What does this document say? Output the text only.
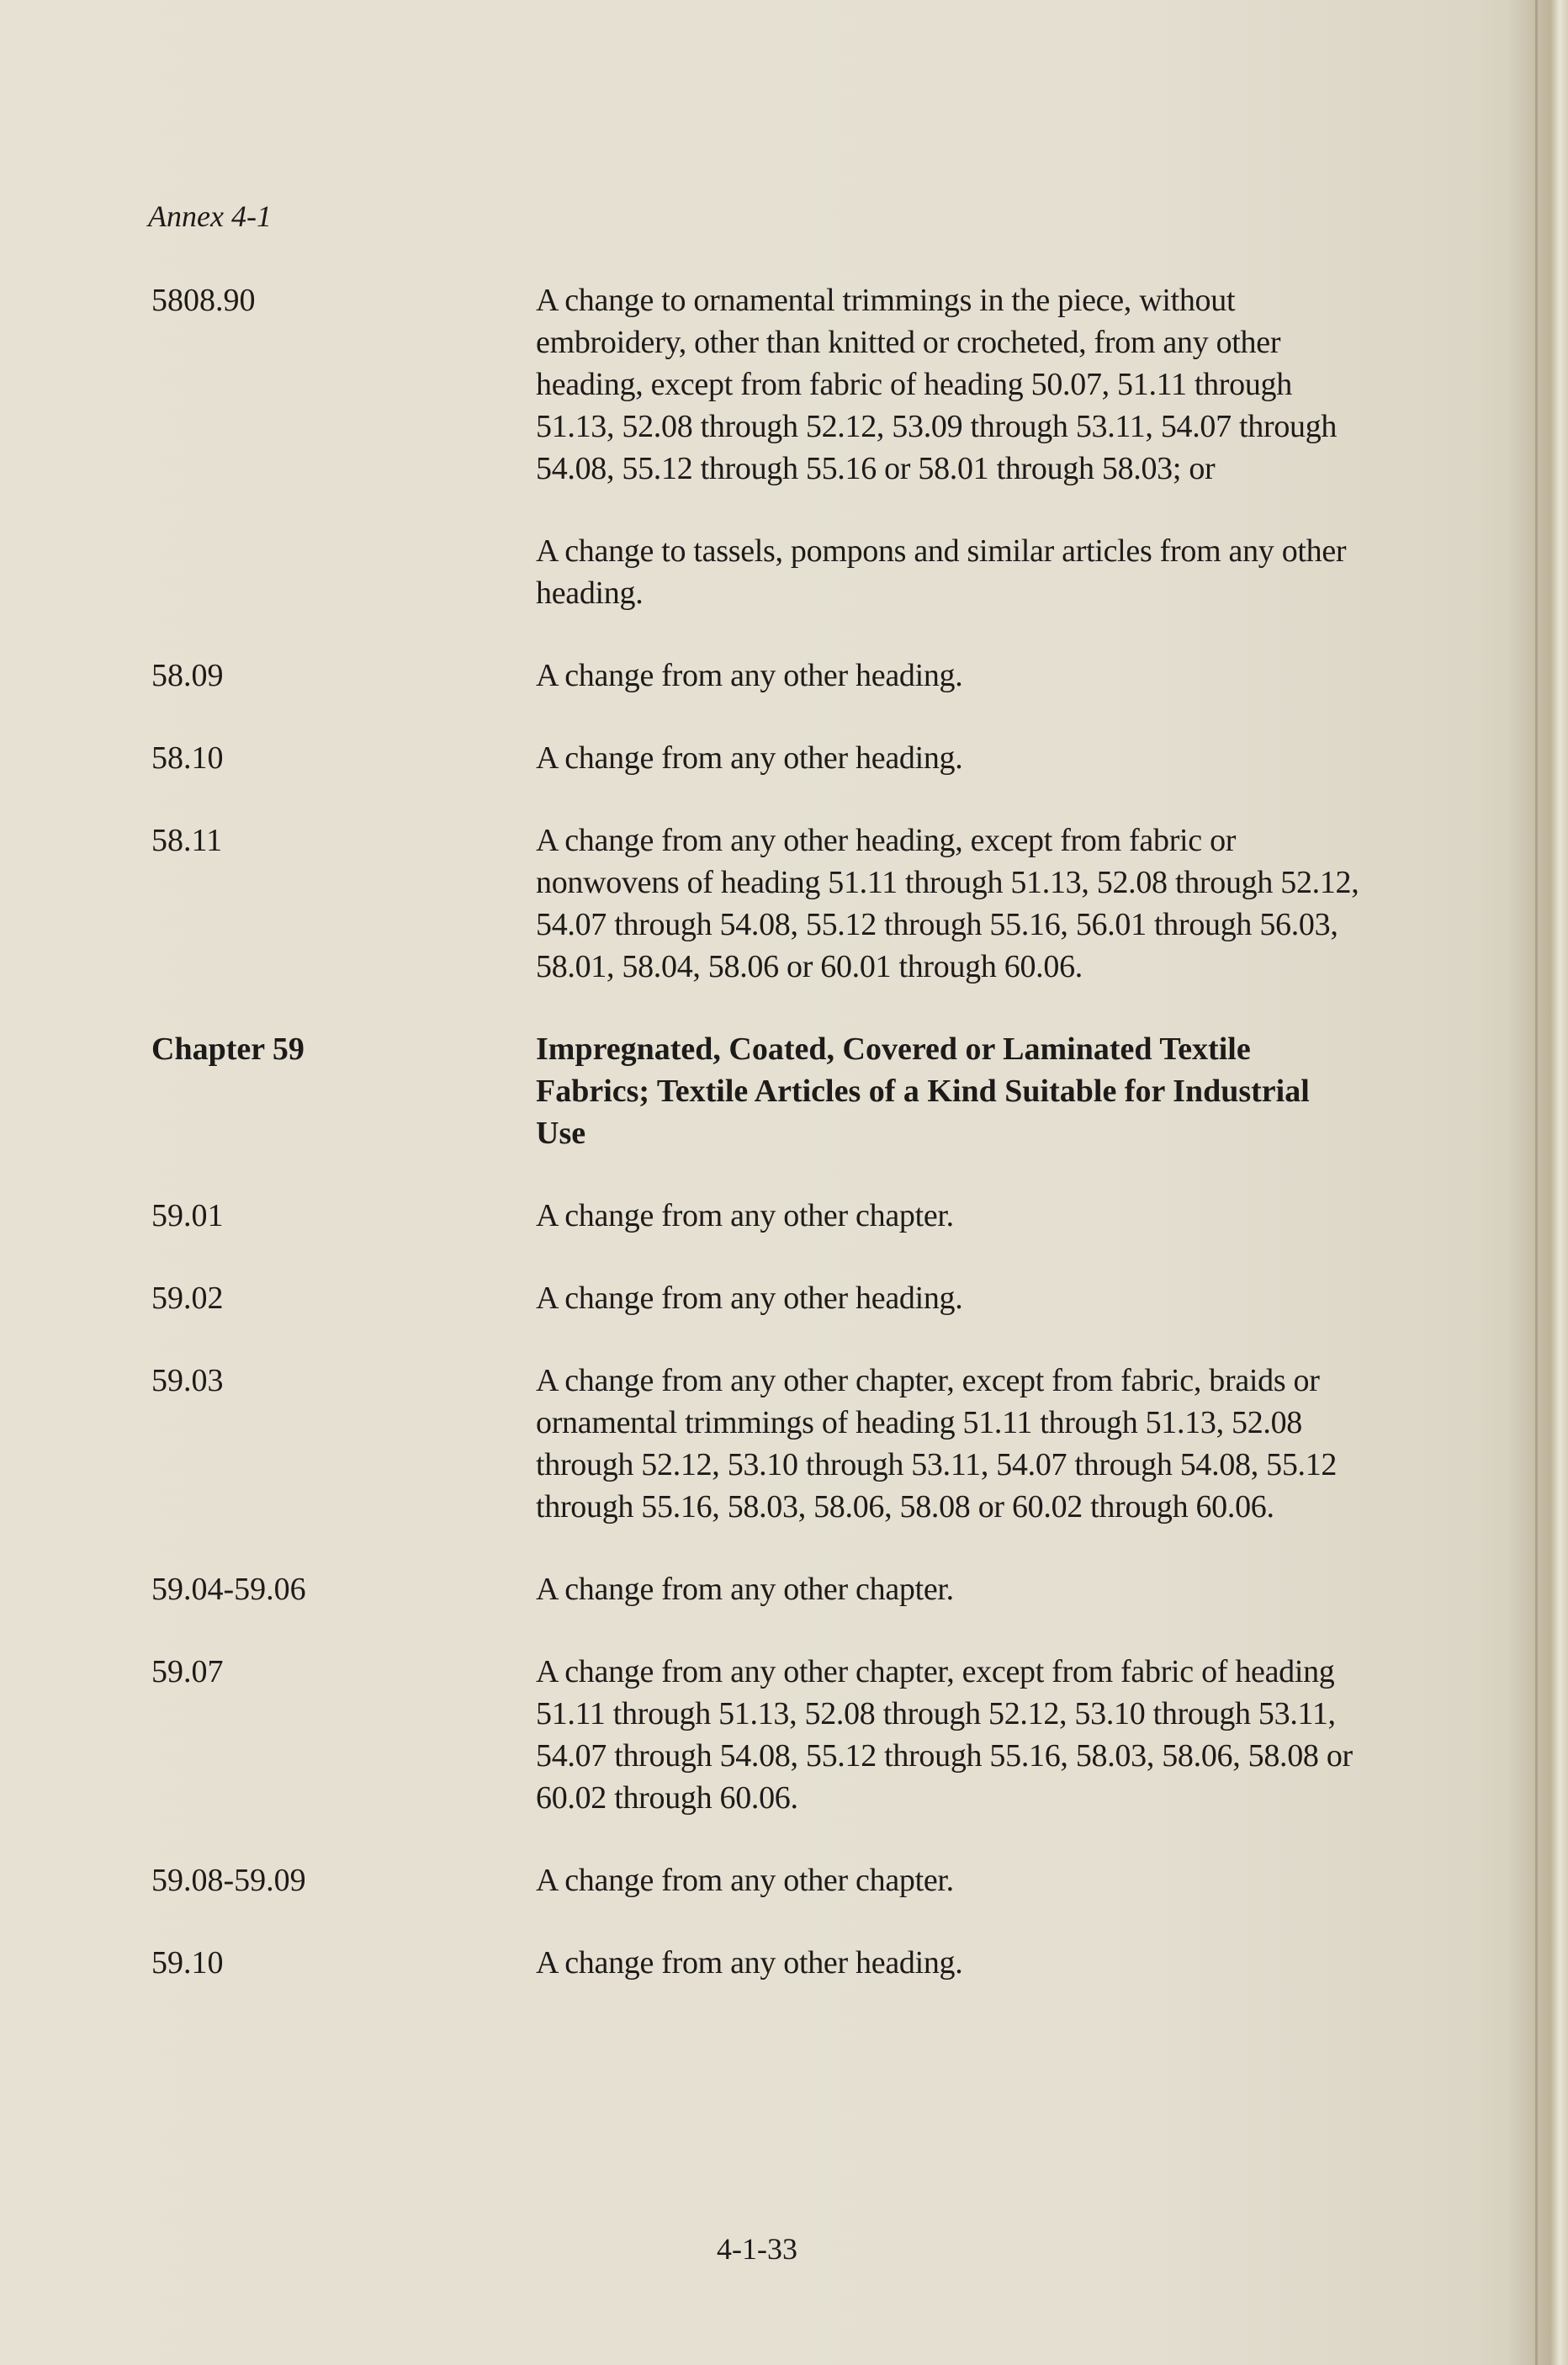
Annex 4-1
5808.90	A change to ornamental trimmings in the piece, without embroidery, other than knitted or crocheted, from any other heading, except from fabric of heading 50.07, 51.11 through 51.13, 52.08 through 52.12, 53.09 through 53.11, 54.07 through 54.08, 55.12 through 55.16 or 58.01 through 58.03; or
A change to tassels, pompons and similar articles from any other heading.
58.09	A change from any other heading.
58.10	A change from any other heading.
58.11	A change from any other heading, except from fabric or nonwovens of heading 51.11 through 51.13, 52.08 through 52.12, 54.07 through 54.08, 55.12 through 55.16, 56.01 through 56.03, 58.01, 58.04, 58.06 or 60.01 through 60.06.
Chapter 59	Impregnated, Coated, Covered or Laminated Textile Fabrics; Textile Articles of a Kind Suitable for Industrial Use
59.01	A change from any other chapter.
59.02	A change from any other heading.
59.03	A change from any other chapter, except from fabric, braids or ornamental trimmings of heading 51.11 through 51.13, 52.08 through 52.12, 53.10 through 53.11, 54.07 through 54.08, 55.12 through 55.16, 58.03, 58.06, 58.08 or 60.02 through 60.06.
59.04-59.06	A change from any other chapter.
59.07	A change from any other chapter, except from fabric of heading 51.11 through 51.13, 52.08 through 52.12, 53.10 through 53.11, 54.07 through 54.08, 55.12 through 55.16, 58.03, 58.06, 58.08 or 60.02 through 60.06.
59.08-59.09	A change from any other chapter.
59.10	A change from any other heading.
4-1-33
